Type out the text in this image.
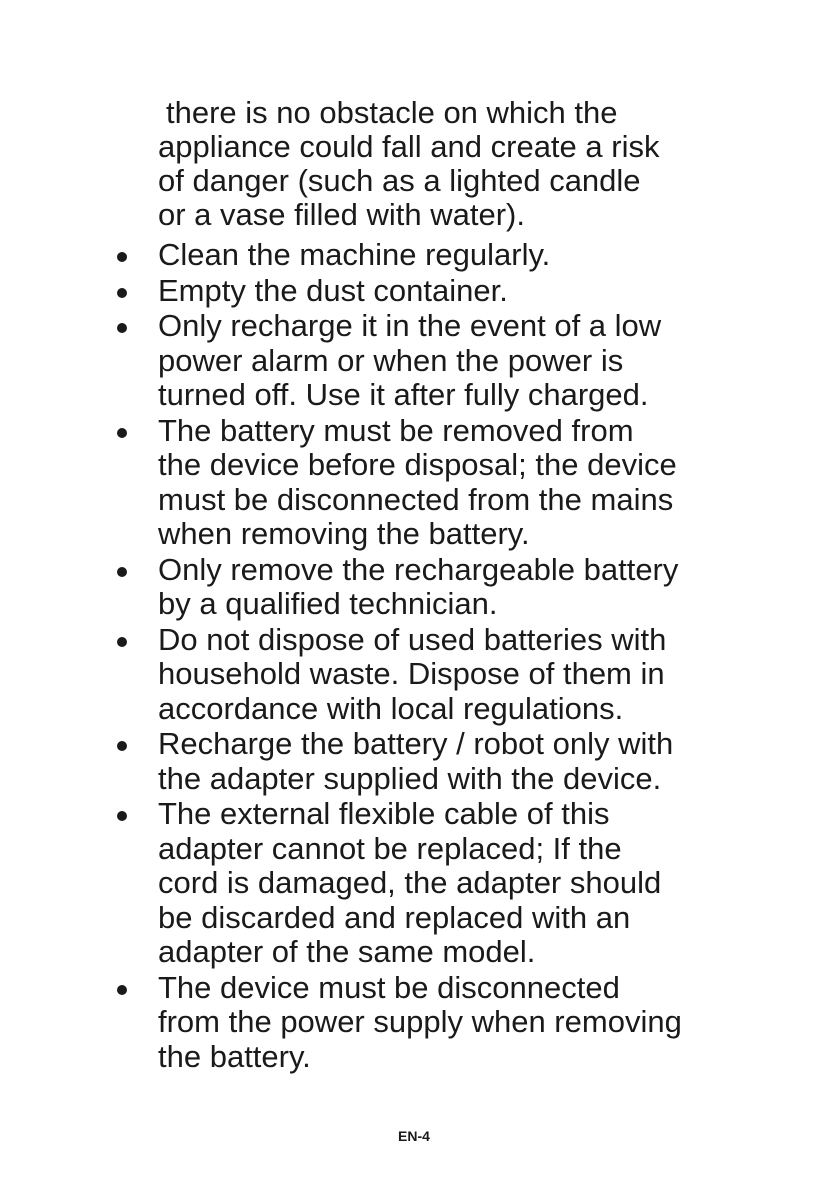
there is no obstacle on which the
appliance could fall and create a risk
of danger (such as a lighted candle
or a vase filled with water).

Clean the machine regularly.
Empty the dust container.
Only recharge it in the event of a low
power alarm or when the power is
turned off. Use it after fully charged.
The battery must be removed from
the device before disposal; the device
must be disconnected from the mains
when removing the battery.
Only remove the rechargeable battery
by a qualified technician.
Do not dispose of used batteries with
household waste. Dispose of them in
accordance with local regulations.
Recharge the battery / robot only with
the adapter supplied with the device.
The external flexible cable of this
adapter cannot be replaced; If the
cord is damaged, the adapter should
be discarded and replaced with an
adapter of the same model.
The device must be disconnected
from the power supply when removing
the battery.
EN-4
